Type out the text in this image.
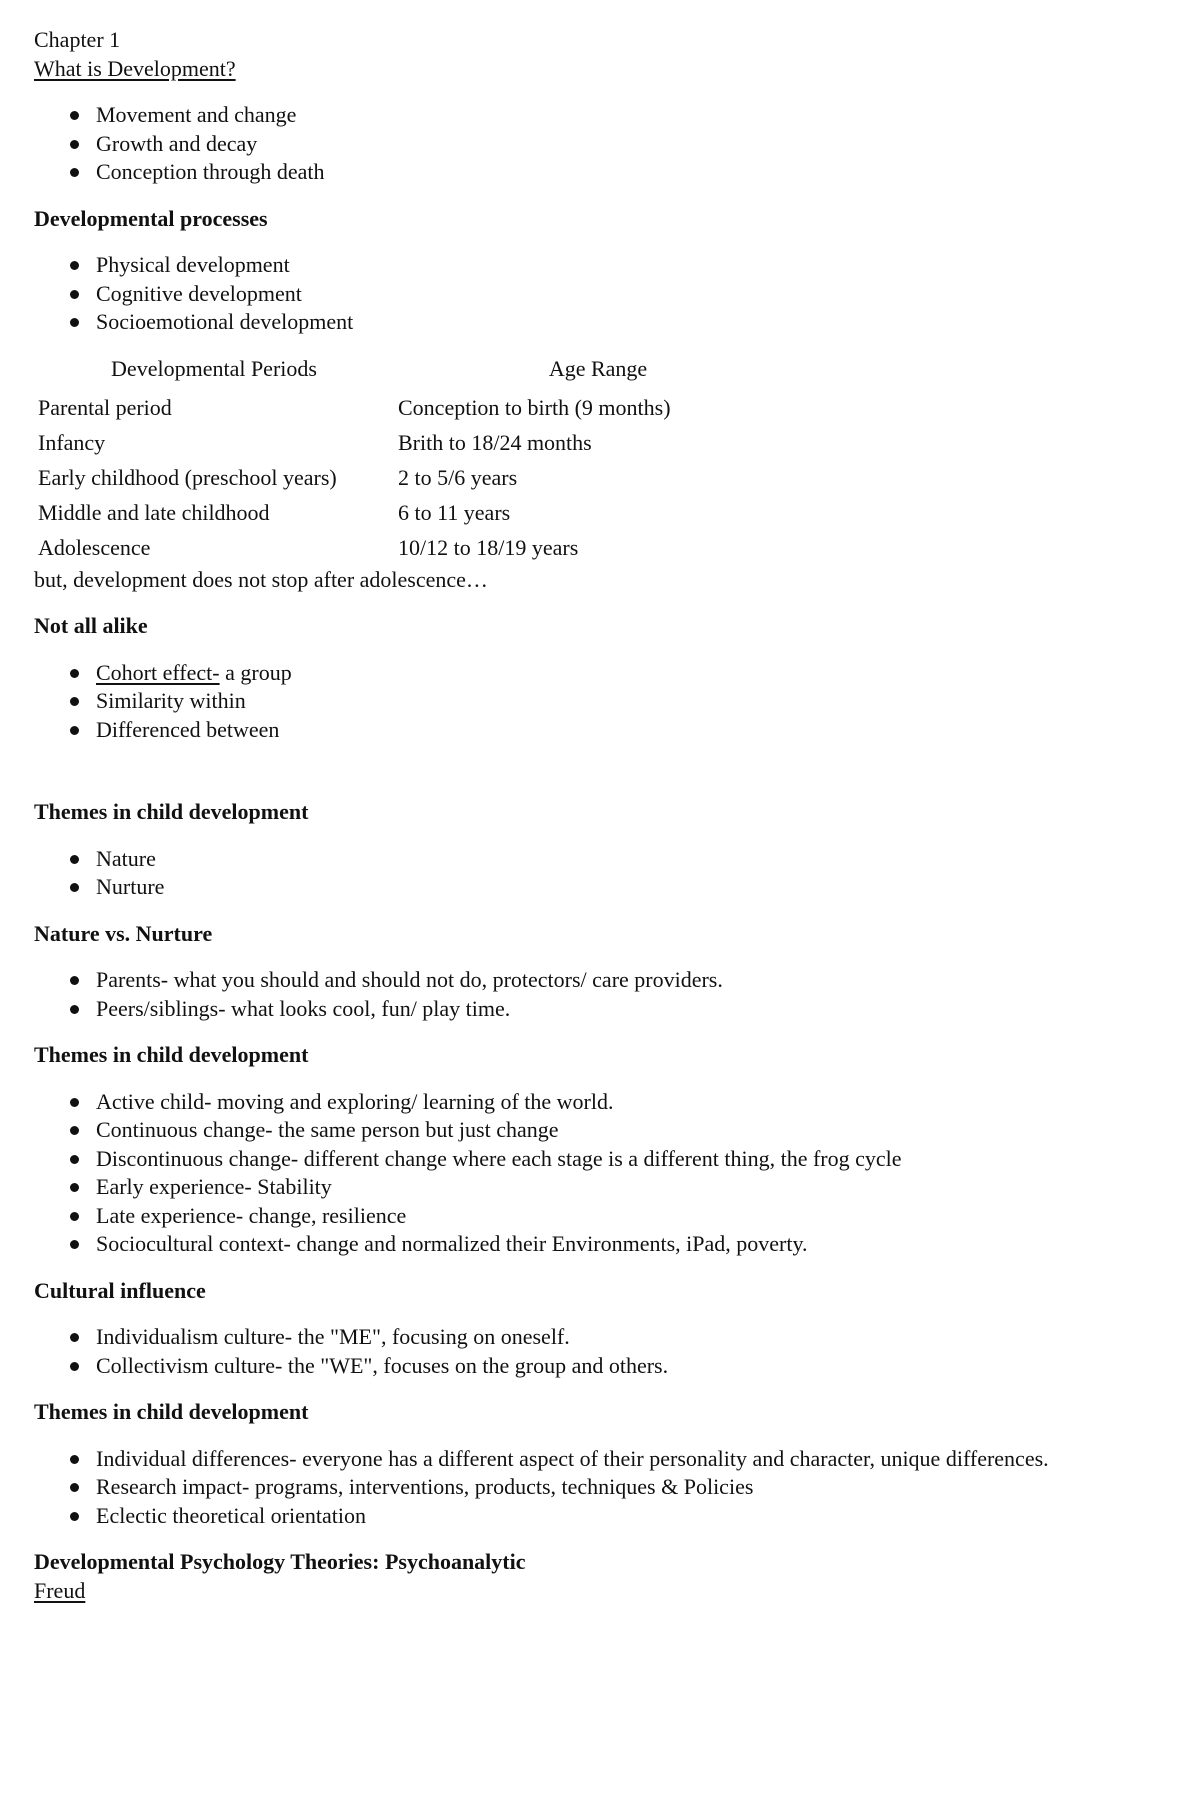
Chapter 1

What is Development?

Movement and change
Growth and decay
Conception through death

Developmental processes

Physical development
Cognitive development
Socioemotional development
Developmental Periods	Age Range
Parental period	Conception to birth (9 months)
Infancy	Brith to 18/24 months
Early childhood (preschool years)	2 to 5/6 years
Middle and late childhood	6 to 11 years
Adolescence	10/12 to 18/19 years

but, development does not stop after adolescence…

Not all alike

Cohort effect- a group
Similarity within
Differenced between

Themes in child development

Nature
Nurture

Nature vs. Nurture

Parents- what you should and should not do, protectors/ care providers.
Peers/siblings- what looks cool, fun/ play time.

Themes in child development

Active child- moving and exploring/ learning of the world.
Continuous change- the same person but just change
Discontinuous change- different change where each stage is a different thing, the frog cycle
Early experience- Stability
Late experience- change, resilience
Sociocultural context- change and normalized their Environments, iPad, poverty.

Cultural influence

Individualism culture- the "ME", focusing on oneself.
Collectivism culture- the "WE", focuses on the group and others.

Themes in child development

Individual differences- everyone has a different aspect of their personality and character, unique differences.
Research impact- programs, interventions, products, techniques & Policies
Eclectic theoretical orientation

Developmental Psychology Theories: Psychoanalytic

Freud
